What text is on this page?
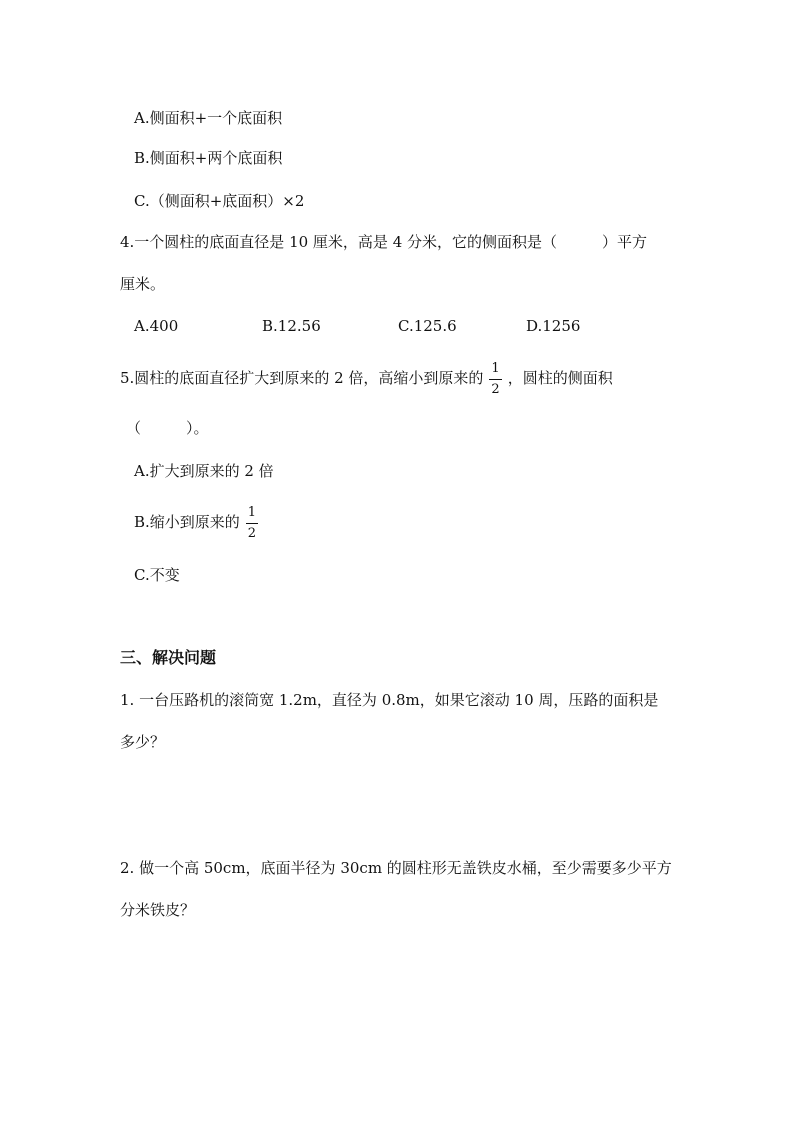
A.侧面积+一个底面积
B.侧面积+两个底面积
C.（侧面积+底面积）×2
4.一个圆柱的底面直径是 10 厘米，高是 4 分米，它的侧面积是（　　　）平方
厘米。
A.400	B.12.56	C.125.6	D.1256
5.圆柱的底面直径扩大到原来的 2 倍，高缩小到原来的 $\frac{1}{2}$ ，圆柱的侧面积
（　　　）。
A.扩大到原来的 2 倍
B.缩小到原来的 $\frac{1}{2}$
C.不变
三、解决问题
1. 一台压路机的滚筒宽 1.2m，直径为 0.8m，如果它滚动 10 周，压路的面积是
多少？
2. 做一个高 50cm，底面半径为 30cm 的圆柱形无盖铁皮水桶，至少需要多少平方
分米铁皮？
